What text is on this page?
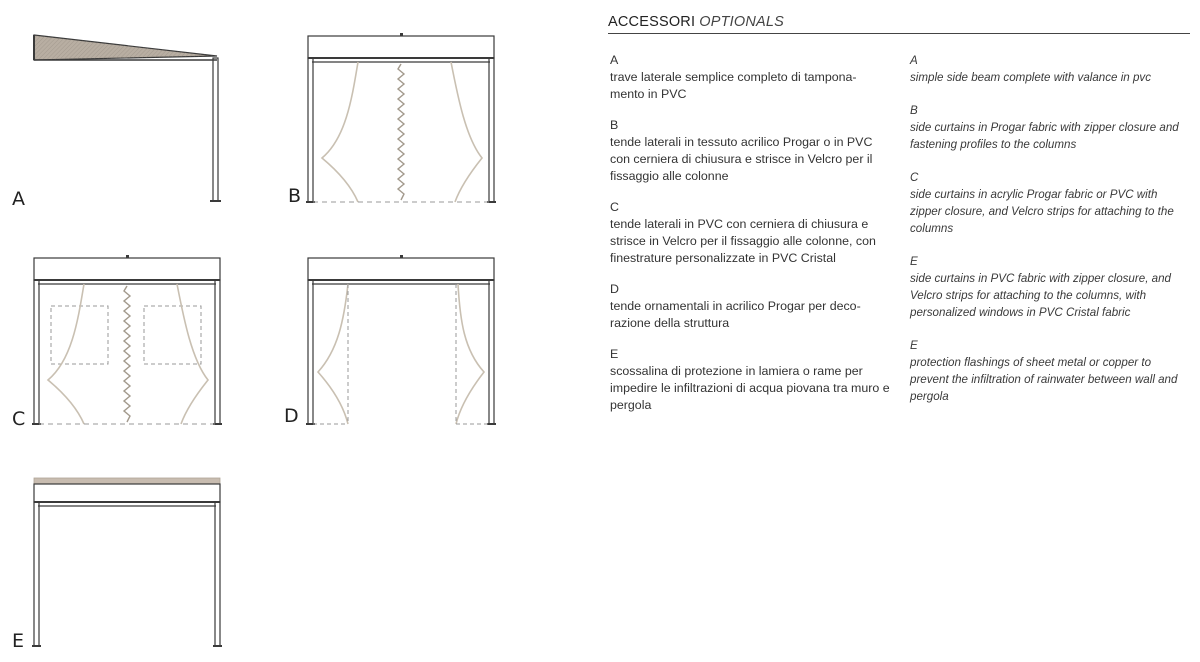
A	B
C	D
E
ACCESSORI OPTIONALS
A
trave laterale semplice completo di tampona-mento in PVC
B
tende laterali in tessuto acrilico Progar o in PVC con cerniera di chiusura e strisce in Velcro per il fissaggio alle colonne
C
tende laterali in PVC con cerniera di chiusura e strisce in Velcro per il fissaggio alle colonne, con finestrature personalizzate in PVC Cristal
D
tende ornamentali in acrilico Progar per deco-razione della struttura
E
scossalina di protezione in lamiera o rame per impedire le infiltrazioni di acqua piovana tra muro e pergola
A
simple side beam complete with valance in pvc
B
side curtains in Progar fabric with zipper closure and fastening profiles to the columns
C
side curtains in acrylic Progar fabric or PVC with zipper closure, and Velcro strips for attaching to the columns
E
side curtains in PVC fabric with zipper closure, and Velcro strips for attaching to the columns, with personalized windows in PVC Cristal fabric
E
protection flashings of sheet metal or copper to prevent the infiltration of rainwater between wall and pergola
